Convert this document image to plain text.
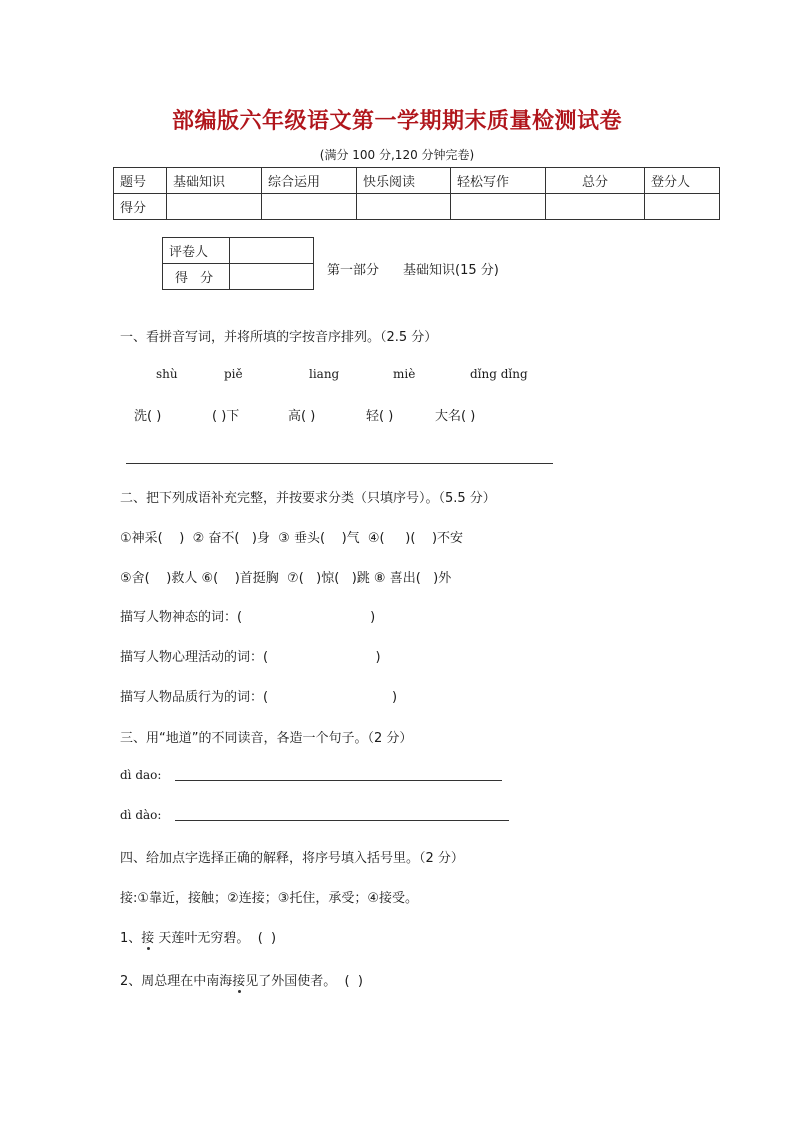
部编版六年级语文第一学期期末质量检测试卷
(满分 100 分,120 分钟完卷)
题号	基础知识	综合运用	快乐阅读	轻松写作	总分	登分人
得分						
评卷人	
得 分	
第一部分 基础知识(15 分)
一、看拼音写词，并将所填的字按音序排列。（2.5 分）
shù	piě	liang	miè	dǐng dǐng
洗( )	( )下	高( )	轻( )	大名( )
二、把下列成语补充完整，并按要求分类（只填序号）。（5.5 分）
①神采(    )  ② 奋不(   )身  ③ 垂头(    )气  ④(     )(    )不安
⑤舍(    )救人 ⑥(    )首挺胸  ⑦(   )惊(   )跳 ⑧ 喜出(   )外
描写人物神态的词：(                               )
描写人物心理活动的词：(                          )
描写人物品质行为的词：(                              )
三、用“地道”的不同读音，各造一个句子。（2 分）
dì dao:
dì dào:
四、给加点字选择正确的解释，将序号填入括号里。（2 分）
接:①靠近，接触；②连接；③托住，承受；④接受。
1、接 天莲叶无穷碧。  (  )
2、周总理在中南海接见了外国使者。  (  )
